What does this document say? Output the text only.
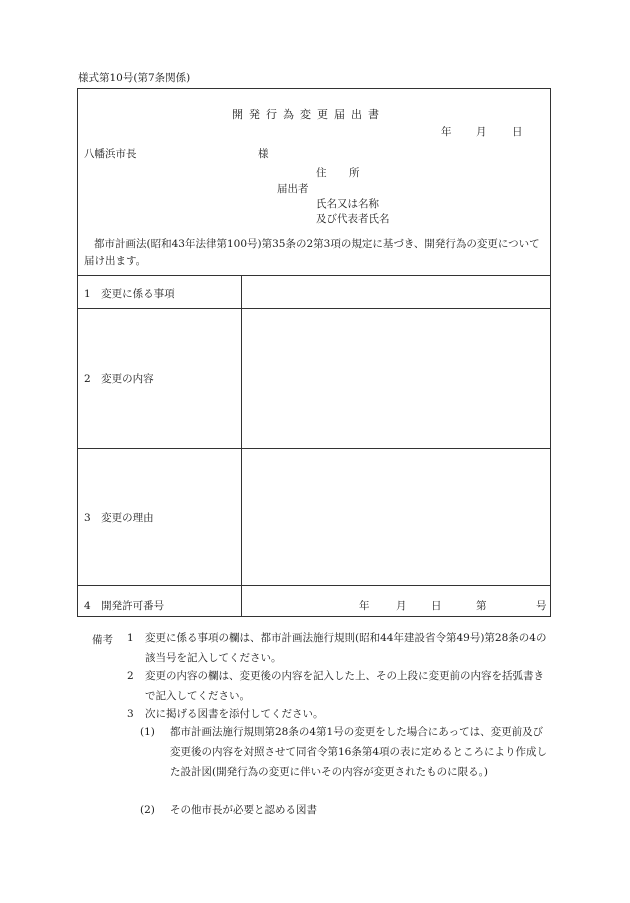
様式第10号(第7条関係)
開発行為変更届出書
年 月 日
八幡浜市長	様
住 所
届出者
氏名又は名称
及び代表者氏名
都市計画法(昭和43年法律第100号)第35条の2第3項の規定に基づき、開発行為の変更について届け出ます。
1　変更に係る事項
2　変更の内容
3　変更の理由
4　開発許可番号	年	月 日	第	号
備考 1 変更に係る事項の欄は、都市計画法施行規則(昭和44年建設省令第49号)第28条の4の該当号を記入してください。
2 変更の内容の欄は、変更後の内容を記入した上、その上段に変更前の内容を括弧書きで記入してください。
3 次に掲げる図書を添付してください。
(1) 都市計画法施行規則第28条の4第1号の変更をした場合にあっては、変更前及び変更後の内容を対照させて同省令第16条第4項の表に定めるところにより作成した設計図(開発行為の変更に伴いその内容が変更されたものに限る。)
(2) その他市長が必要と認める図書
